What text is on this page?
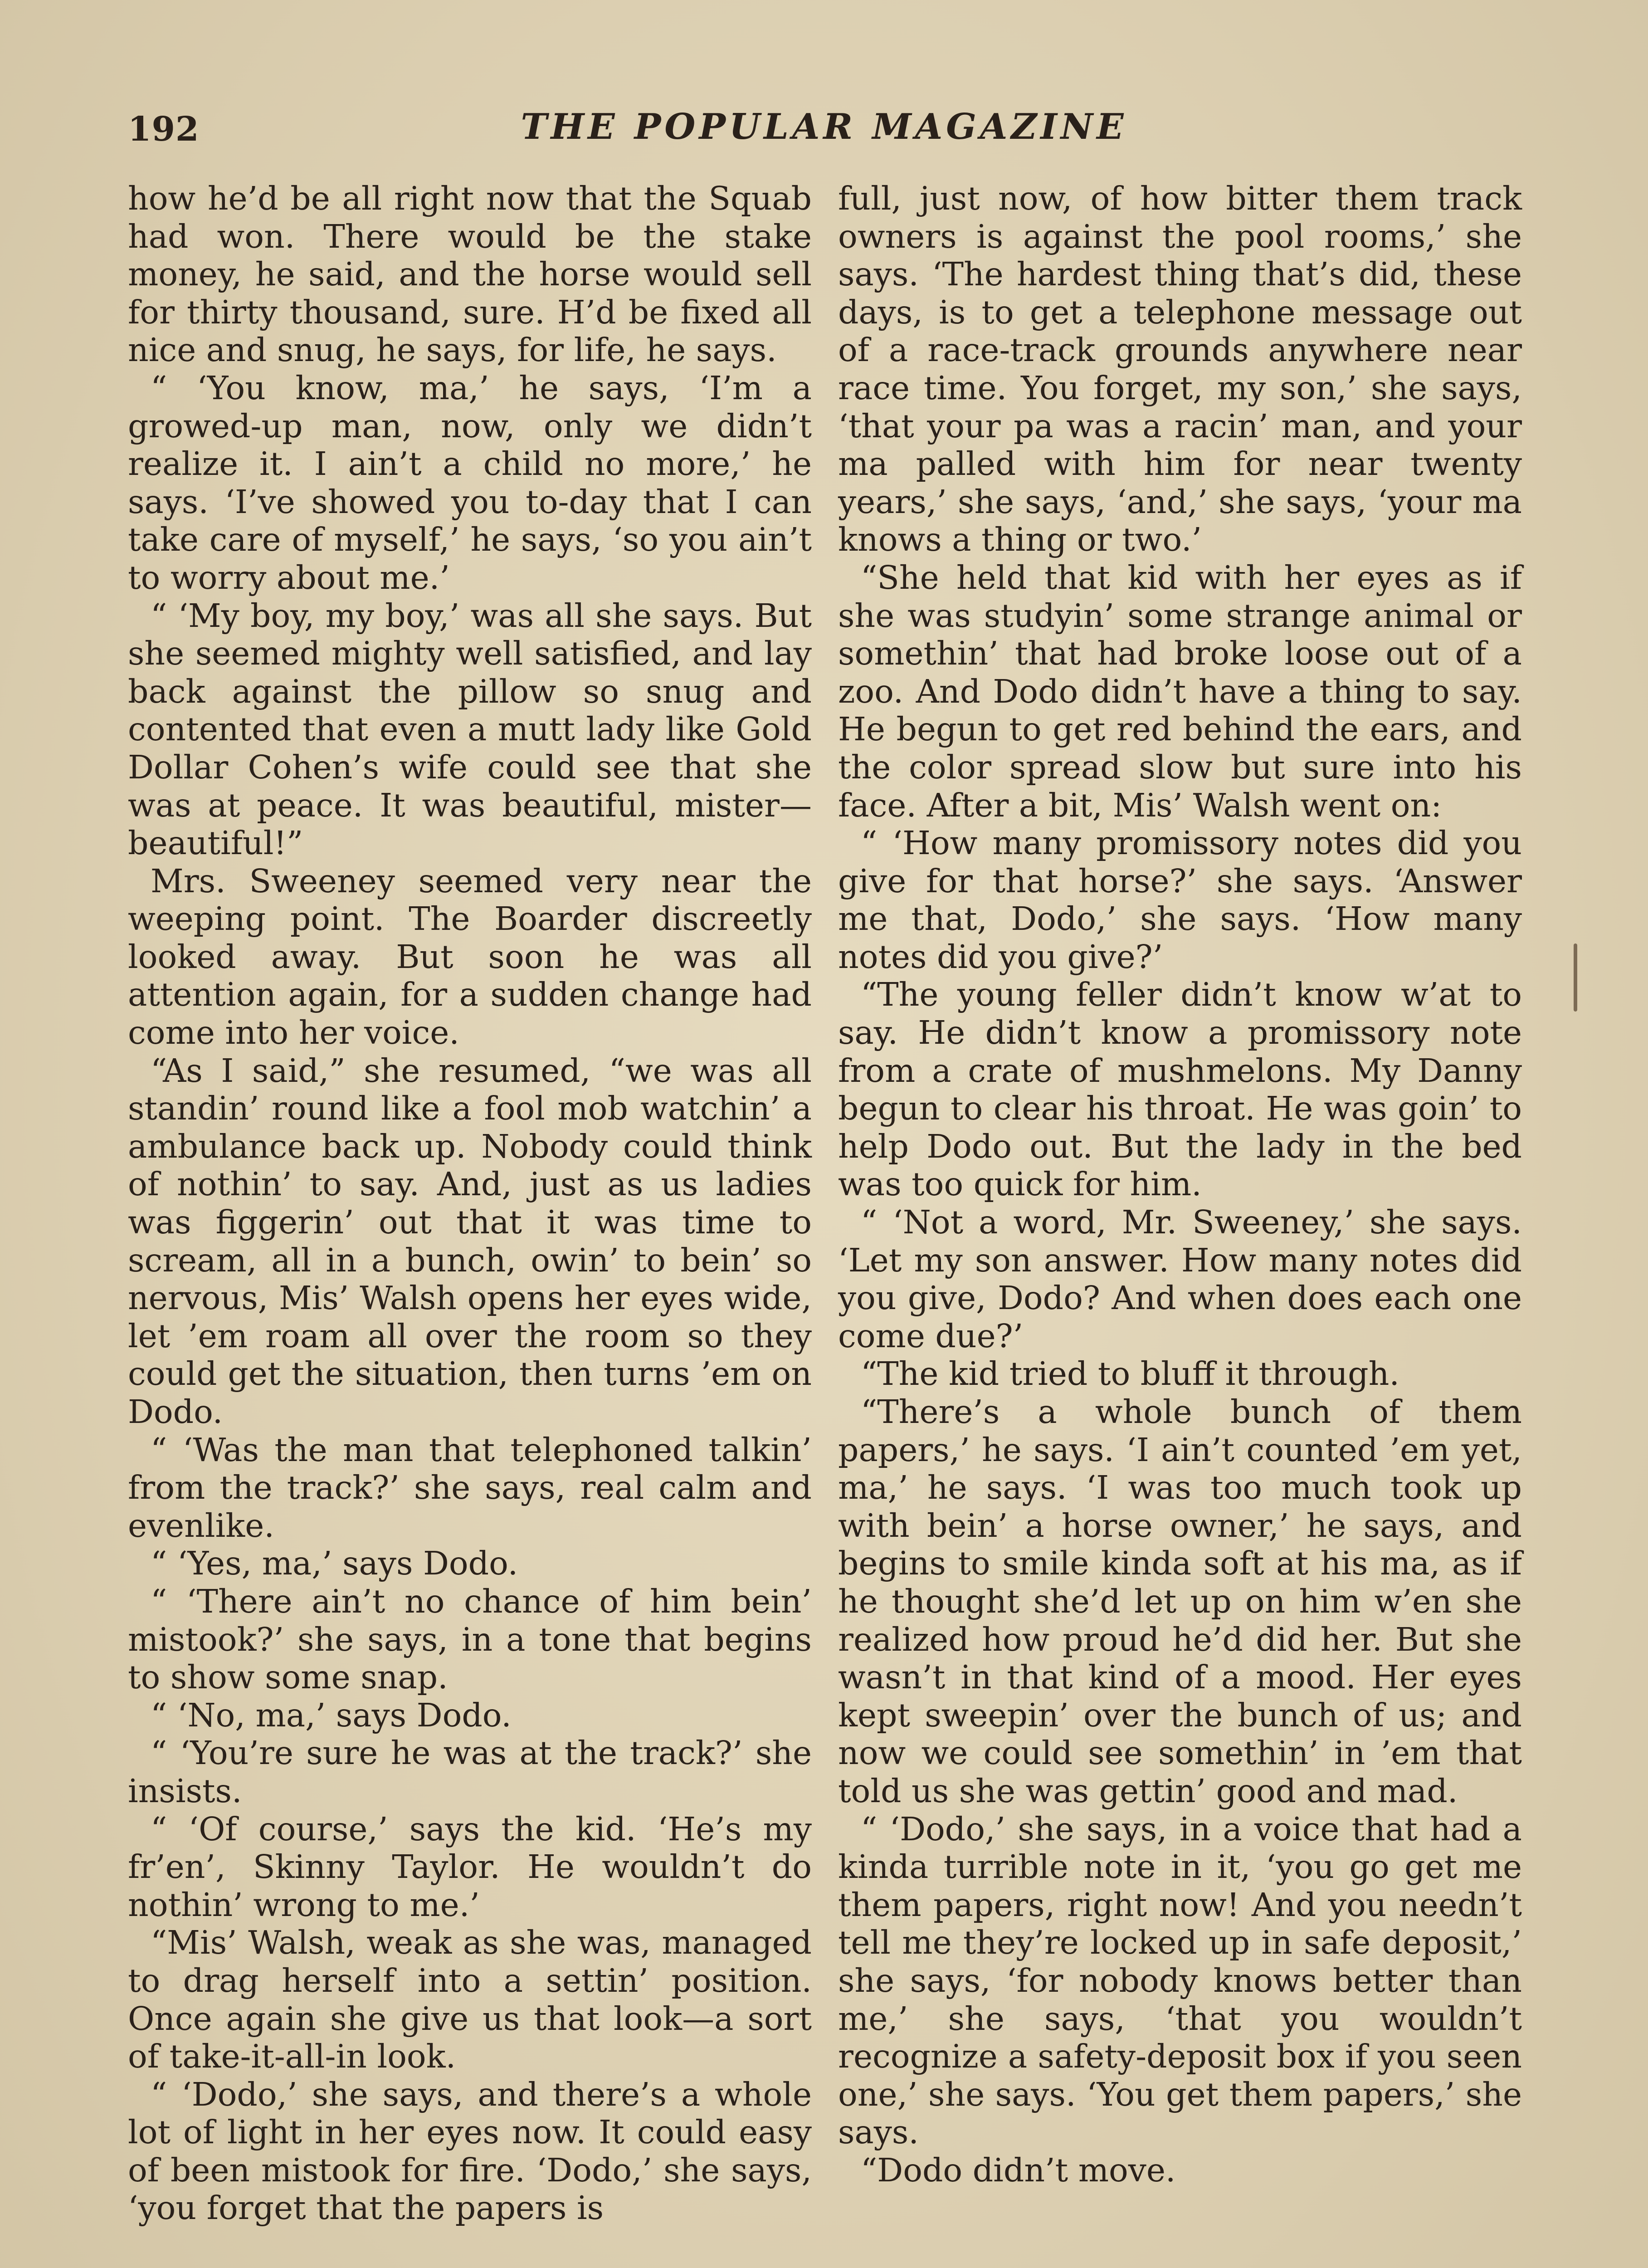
192	THE POPULAR MAGAZINE

how he’d be all right now that the Squab had won. There would be the stake money, he said, and the horse would sell for thirty thousand, sure. H’d be fixed all nice and snug, he says, for life, he says.

“ ‘You know, ma,’ he says, ‘I’m a growed-up man, now, only we didn’t realize it. I ain’t a child no more,’ he says. ‘I’ve showed you to-day that I can take care of myself,’ he says, ‘so you ain’t to worry about me.’

“ ‘My boy, my boy,’ was all she says. But she seemed mighty well satisfied, and lay back against the pillow so snug and contented that even a mutt lady like Gold Dollar Cohen’s wife could see that she was at peace. It was beautiful, mister—beautiful!”

Mrs. Sweeney seemed very near the weeping point. The Boarder discreetly looked away. But soon he was all attention again, for a sudden change had come into her voice.

“As I said,” she resumed, “we was all standin’ round like a fool mob watchin’ a ambulance back up. Nobody could think of nothin’ to say. And, just as us ladies was figgerin’ out that it was time to scream, all in a bunch, owin’ to bein’ so nervous, Mis’ Walsh opens her eyes wide, let ’em roam all over the room so they could get the situation, then turns ’em on Dodo.

“ ‘Was the man that telephoned talkin’ from the track?’ she says, real calm and evenlike.

“ ‘Yes, ma,’ says Dodo.

“ ‘There ain’t no chance of him bein’ mistook?’ she says, in a tone that begins to show some snap.

“ ‘No, ma,’ says Dodo.

“ ‘You’re sure he was at the track?’ she insists.

“ ‘Of course,’ says the kid. ‘He’s my fr’en’, Skinny Taylor. He wouldn’t do nothin’ wrong to me.’

“Mis’ Walsh, weak as she was, managed to drag herself into a settin’ position. Once again she give us that look—a sort of take-it-all-in look.

“ ‘Dodo,’ she says, and there’s a whole lot of light in her eyes now. It could easy of been mistook for fire. ‘Dodo,’ she says, ‘you forget that the papers is

full, just now, of how bitter them track owners is against the pool rooms,’ she says. ‘The hardest thing that’s did, these days, is to get a telephone message out of a race-track grounds anywhere near race time. You forget, my son,’ she says, ‘that your pa was a racin’ man, and your ma palled with him for near twenty years,’ she says, ‘and,’ she says, ‘your ma knows a thing or two.’

“She held that kid with her eyes as if she was studyin’ some strange animal or somethin’ that had broke loose out of a zoo. And Dodo didn’t have a thing to say. He begun to get red behind the ears, and the color spread slow but sure into his face. After a bit, Mis’ Walsh went on:

“ ‘How many promissory notes did you give for that horse?’ she says. ‘Answer me that, Dodo,’ she says. ‘How many notes did you give?’

“The young feller didn’t know w’at to say. He didn’t know a promissory note from a crate of mushmelons. My Danny begun to clear his throat. He was goin’ to help Dodo out. But the lady in the bed was too quick for him.

“ ‘Not a word, Mr. Sweeney,’ she says. ‘Let my son answer. How many notes did you give, Dodo? And when does each one come due?’

“The kid tried to bluff it through.

“There’s a whole bunch of them papers,’ he says. ‘I ain’t counted ’em yet, ma,’ he says. ‘I was too much took up with bein’ a horse owner,’ he says, and begins to smile kinda soft at his ma, as if he thought she’d let up on him w’en she realized how proud he’d did her. But she wasn’t in that kind of a mood. Her eyes kept sweepin’ over the bunch of us; and now we could see somethin’ in ’em that told us she was gettin’ good and mad.

“ ‘Dodo,’ she says, in a voice that had a kinda turrible note in it, ‘you go get me them papers, right now! And you needn’t tell me they’re locked up in safe deposit,’ she says, ‘for nobody knows better than me,’ she says, ‘that you wouldn’t recognize a safety-deposit box if you seen one,’ she says. ‘You get them papers,’ she says.

“Dodo didn’t move.
